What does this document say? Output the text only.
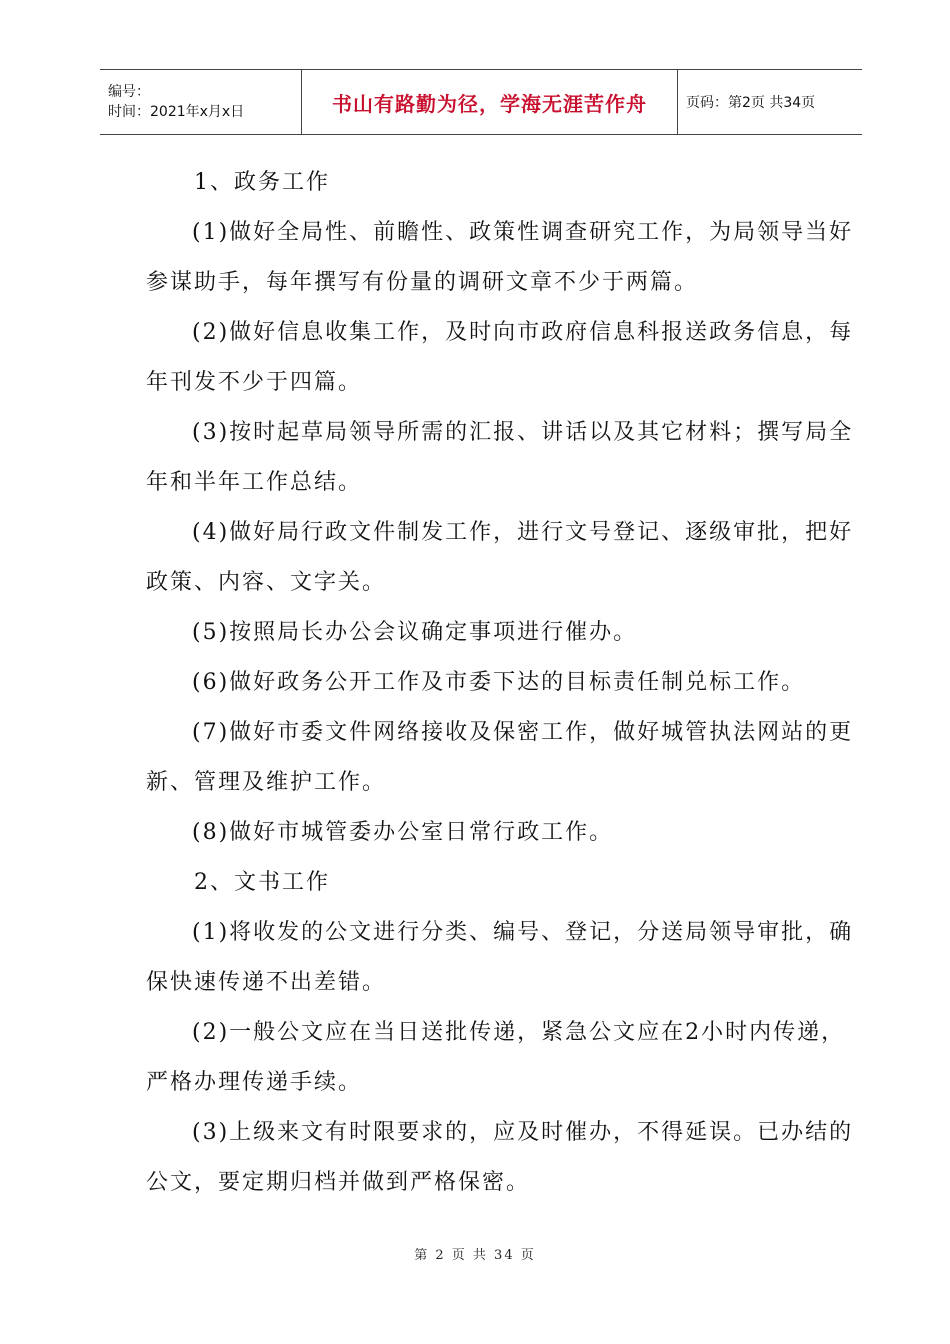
编号：
时间：2021年x月x日	书山有路勤为径，学海无涯苦作舟	页码：第2页 共34页

1、政务工作

(1)做好全局性、前瞻性、政策性调查研究工作，为局领导当好参谋助手，每年撰写有份量的调研文章不少于两篇。

(2)做好信息收集工作，及时向市政府信息科报送政务信息，每年刊发不少于四篇。

(3)按时起草局领导所需的汇报、讲话以及其它材料；撰写局全年和半年工作总结。

(4)做好局行政文件制发工作，进行文号登记、逐级审批，把好政策、内容、文字关。

(5)按照局长办公会议确定事项进行催办。

(6)做好政务公开工作及市委下达的目标责任制兑标工作。

(7)做好市委文件网络接收及保密工作，做好城管执法网站的更新、管理及维护工作。

(8)做好市城管委办公室日常行政工作。

2、文书工作

(1)将收发的公文进行分类、编号、登记，分送局领导审批，确保快速传递不出差错。

(2)一般公文应在当日送批传递，紧急公文应在2小时内传递，严格办理传递手续。

(3)上级来文有时限要求的，应及时催办，不得延误。已办结的公文，要定期归档并做到严格保密。

第 2 页 共 34 页
